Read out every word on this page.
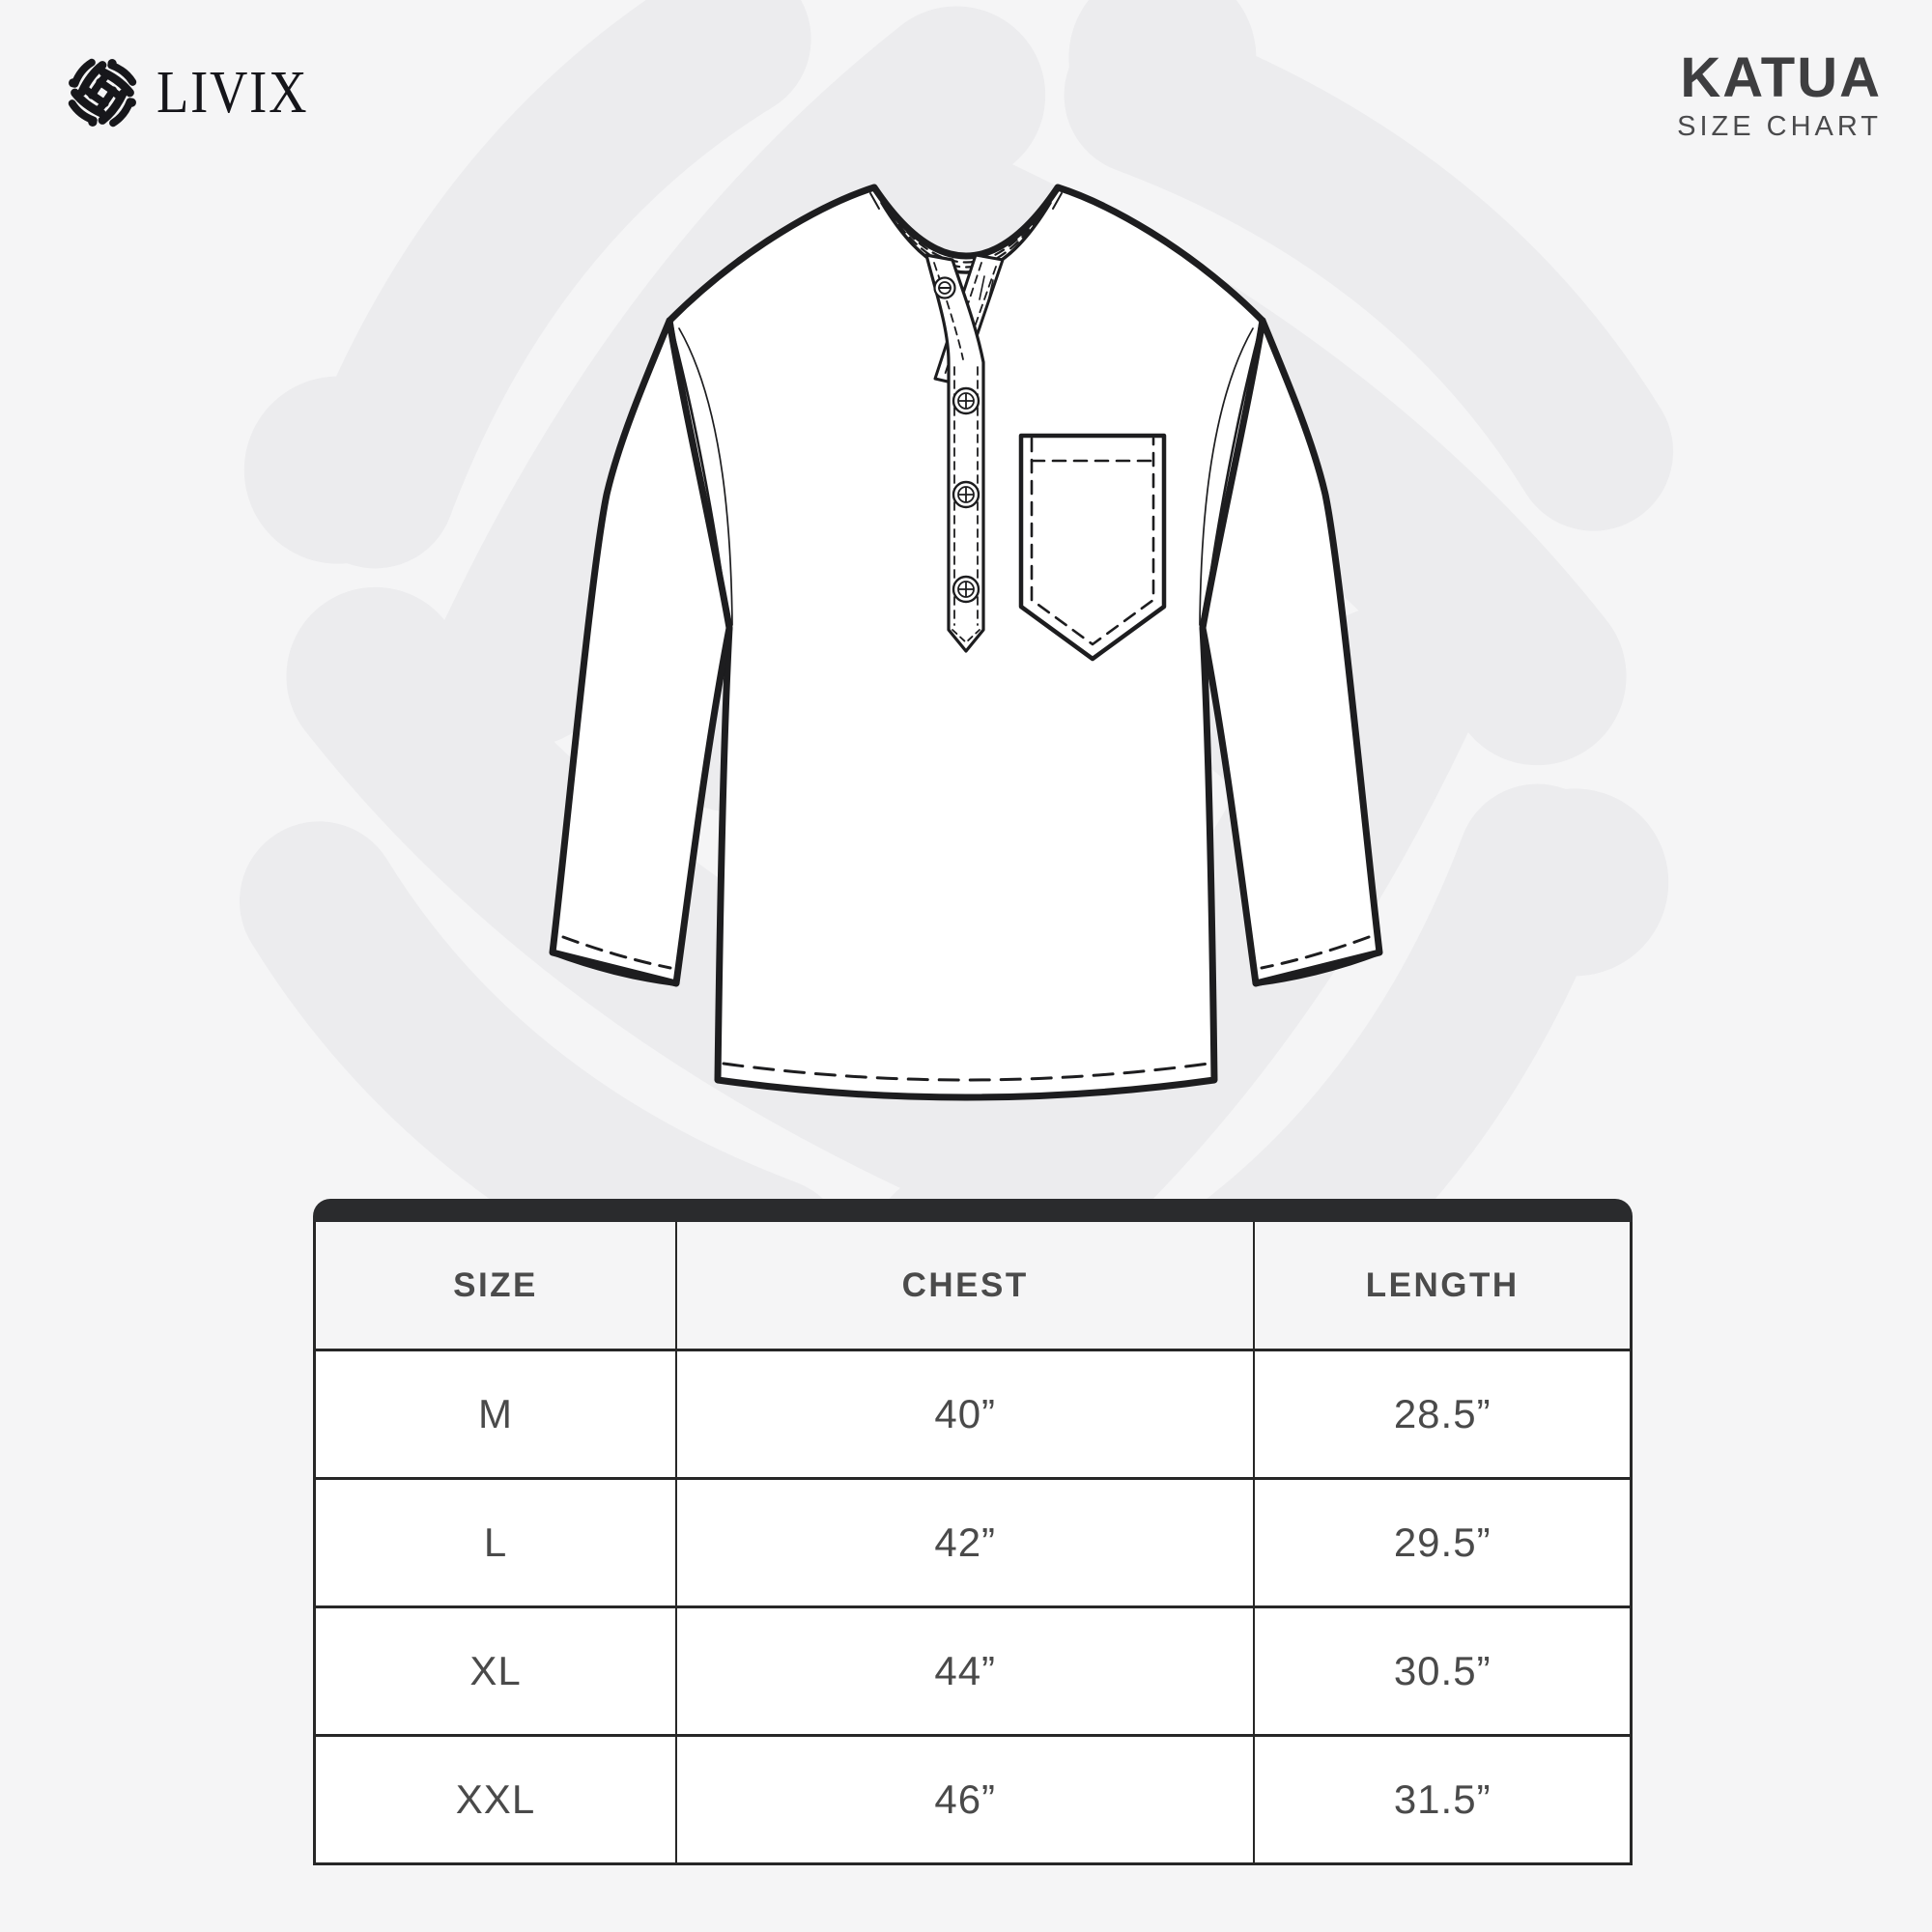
LIVIX	KATUA
SIZE CHART
SIZE	CHEST	LENGTH
M	40”	28.5”
L	42”	29.5”
XL	44”	30.5”
XXL	46”	31.5”
